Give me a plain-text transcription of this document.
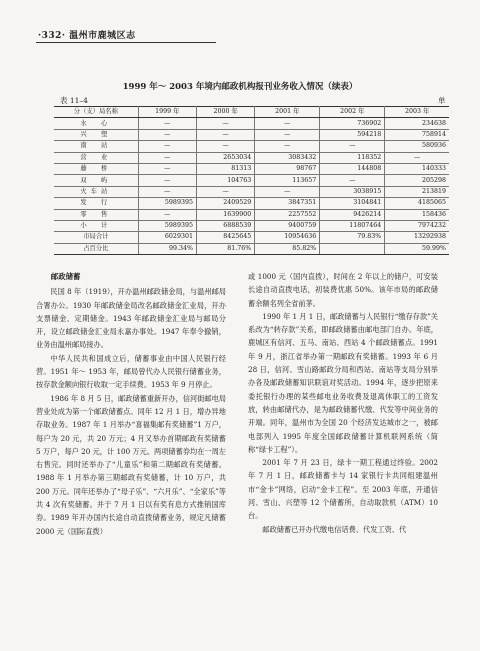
·332· 温州市鹿城区志
1999 年～ 2003 年境内邮政机构报刊业务收入情况（续表）
表 11–4	单
分（支）局名称	1999 年	2000 年	2001 年	2002 年	2003 年
水　心	—	—	—	736902	234638
兴　塑	—	—	—	594218	758914
南　站	—	—	—	—	580936
营　业	—	2653034	3083432	118352	—
藤　桥	—	81313	98767	144808	140333
双　屿	—	104763	113657	—	205298
火车站	—	—	—	3038915	213819
发　行	5989395	2409529	3847351	3104841	4185065
零　售	—	1639900	2257552	9426214	158436
小　计	5989395	6888539	9400759	11807464	7974232
市局合计	6029301	8425645	10954636	79.83%	13292938
占百分比	99.34%	81.76%	85.82%		59.99%
邮政储蓄

民国 8 年（1919），开办温州邮政储金局，与温州邮局合署办公。1930 年邮政储金局改名邮政储金汇业局，开办支票储金、定期储金。1943 年邮政储金汇业局与邮局分开，设立邮政储金汇业局永嘉办事处。1947 年奉令撤销，业务由温州邮局接办。

中华人民共和国成立后，储蓄事业由中国人民银行经营。1951 年～ 1953 年，邮局曾代办人民银行储蓄业务，按存款金额向银行收取一定手续费。1953 年 9 月停止。

1986 年 8 月 5 日，邮政储蓄重新开办，信河街邮电局营业处成为第一个邮政储蓄点。同年 12 月 1 日，增办异地存取业务。1987 年 1 月举办“喜福集邮有奖储蓄”1 万户，每户为 20 元，共 20 万元；4 月又举办首期邮政有奖储蓄 5 万户，每户 20 元，计 100 万元。两项储蓄券均在一周左右售完。同时还举办了“儿童乐”和第二期邮政有奖储蓄。1988 年 1 月举办第三期邮政有奖储蓄，计 10 万户，共 200 万元。同年还举办了“母子乐”、“六月乐”、“全家乐”等共 4 次有奖储蓄。并于 7 月 1 日以有奖有息方式推销国库券。1989 年开办国内长途自动直拨储蓄业务，规定凡储蓄 2000 元（国际直拨）

或 1000 元（国内直拨），时间在 2 年以上的储户，可安装长途自动直拨电话，初装费优惠 50%。该年市局的邮政储蓄余额名列全省前茅。

1990 年 1 月 1 日，邮政储蓄与人民银行“缴存存款”关系改为“转存款”关系，即邮政储蓄由邮电部门自办。年底，鹿城区有信河、五马、南站、西站 4 个邮政储蓄点。1991 年 9 月，浙江省举办第一期邮政有奖储蓄。1993 年 6 月 28 日，信河、雪山路邮政分局和西站、南站等支局分别举办各及邮政储蓄知识联谊对奖活动。1994 年，逐步把原来委托银行办理的某些邮电业务收费及退离休职工的工资发放，转由邮储代办，是为邮政储蓄代缴、代发等中间业务的开端。同年，温州市为全国 20 个经济发达城市之一，被邮电部列入 1995 年度全国邮政储蓄计算机联网系统（简称“绿卡工程”）。

2001 年 7 月 23 日，绿卡一期工程通过终验。2002 年 7 月 1 日，邮政储蓄卡与 14 家银行卡共同组建温州市“金卡”网络，启动“金卡工程”。至 2003 年底，开通信河、雪山、兴塑等 12 个储蓄所，自动取款机（ATM）10 台。

邮政储蓄已开办代缴电信话费、代发工资、代
